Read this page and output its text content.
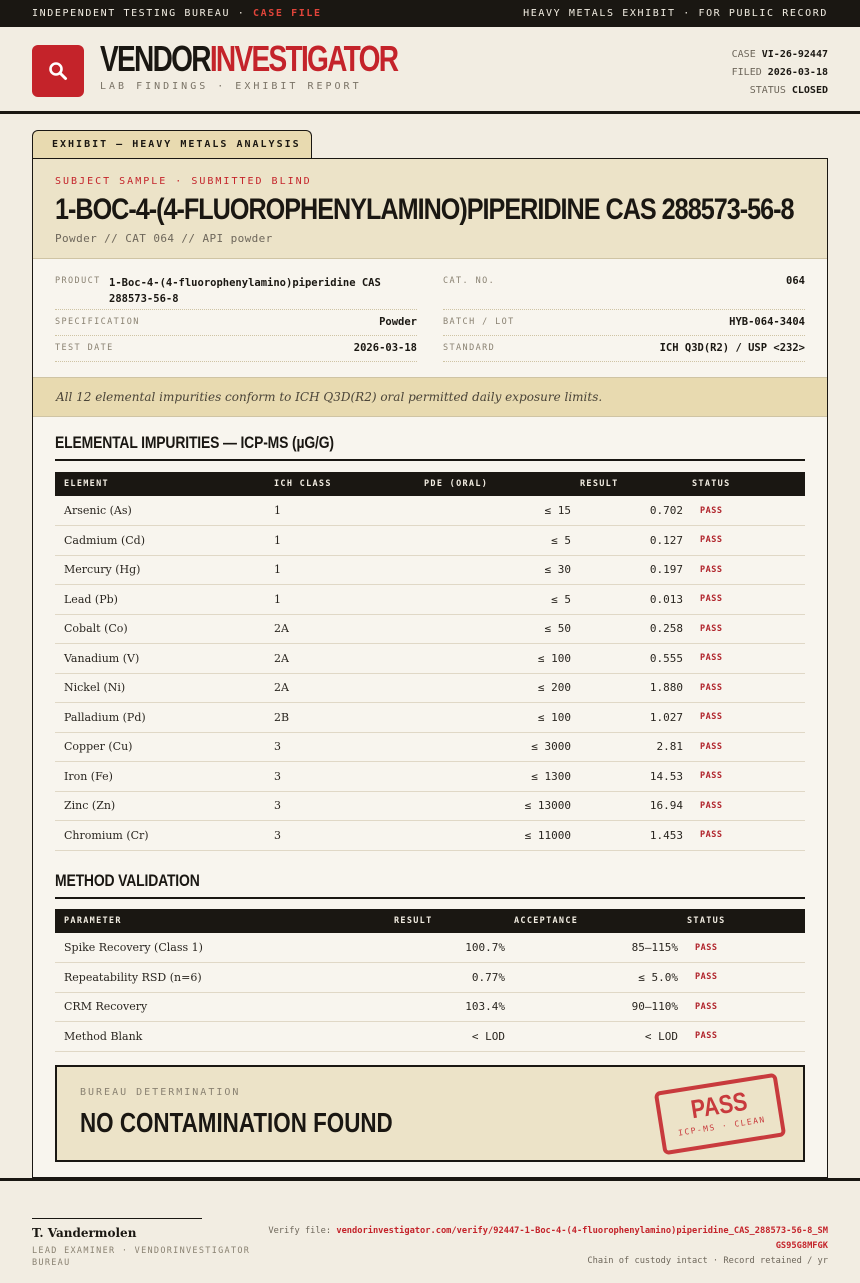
INDEPENDENT TESTING BUREAU · CASE FILE	HEAVY METALS EXHIBIT · FOR PUBLIC RECORD
VENDORINVESTIGATOR
LAB FINDINGS · EXHIBIT REPORT
CASE VI-26-92447
FILED 2026-03-18
STATUS CLOSED
EXHIBIT — HEAVY METALS ANALYSIS
SUBJECT SAMPLE · SUBMITTED BLIND
1-BOC-4-(4-FLUOROPHENYLAMINO)PIPERIDINE CAS 288573-56-8
Powder // CAT 064 // API powder
PRODUCT 1-Boc-4-(4-fluorophenylamino)piperidine CAS 288573-56-8
CAT. NO.	064
SPECIFICATION	Powder	BATCH / LOT	HYB-064-3404
TEST DATE	2026-03-18	STANDARD	ICH Q3D(R2) / USP <232>
All 12 elemental impurities conform to ICH Q3D(R2) oral permitted daily exposure limits.
ELEMENTAL IMPURITIES — ICP-MS (µG/G)
ELEMENT	ICH CLASS	PDE (ORAL)	RESULT	STATUS
Arsenic (As)	1	≤ 15	0.702	PASS
Cadmium (Cd)	1	≤ 5	0.127	PASS
Mercury (Hg)	1	≤ 30	0.197	PASS
Lead (Pb)	1	≤ 5	0.013	PASS
Cobalt (Co)	2A	≤ 50	0.258	PASS
Vanadium (V)	2A	≤ 100	0.555	PASS
Nickel (Ni)	2A	≤ 200	1.880	PASS
Palladium (Pd)	2B	≤ 100	1.027	PASS
Copper (Cu)	3	≤ 3000	2.81	PASS
Iron (Fe)	3	≤ 1300	14.53	PASS
Zinc (Zn)	3	≤ 13000	16.94	PASS
Chromium (Cr)	3	≤ 11000	1.453	PASS
METHOD VALIDATION
PARAMETER	RESULT	ACCEPTANCE	STATUS
Spike Recovery (Class 1)	100.7%	85–115%	PASS
Repeatability RSD (n=6)	0.77%	≤ 5.0%	PASS
CRM Recovery	103.4%	90–110%	PASS
Method Blank	< LOD	< LOD	PASS
BUREAU DETERMINATION
NO CONTAMINATION FOUND	PASS
ICP-MS · CLEAN
T. Vandermolen
LEAD EXAMINER · VENDORINVESTIGATOR BUREAU
Verify file: vendorinvestigator.com/verify/92447-1-Boc-4-(4-fluorophenylamino)piperidine_CAS_288573-56-8_SMGS95G8MFGK
Chain of custody intact · Record retained / yr
